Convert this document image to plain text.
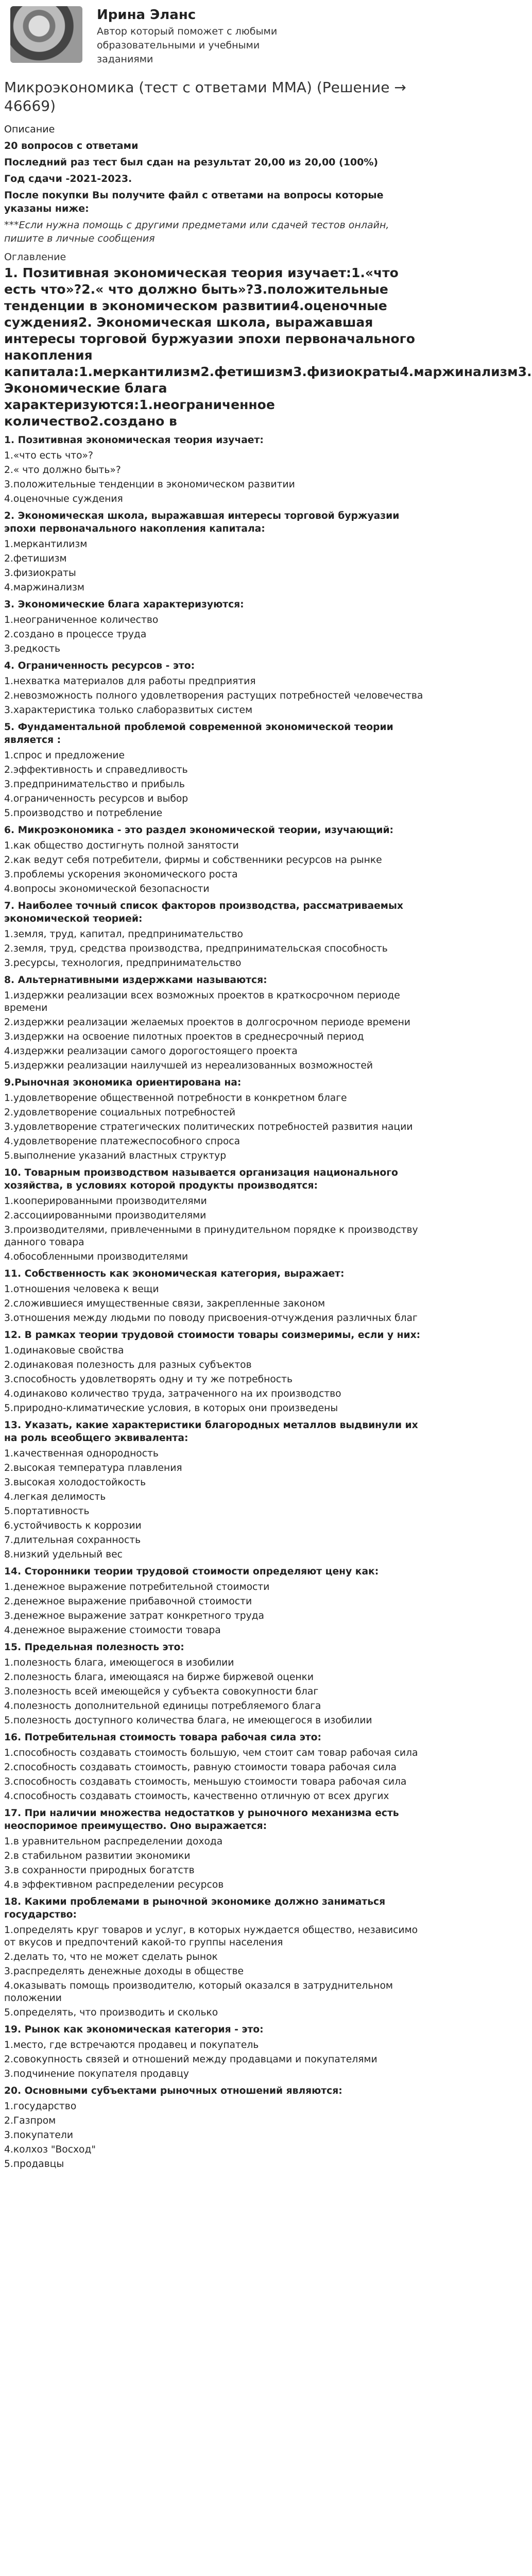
Ирина Эланс
Автор который поможет с любыми образовательными и учебными заданиями
Микроэкономика (тест с ответами ММА) (Решение → 46669)
Описание
20 вопросов с ответами
Последний раз тест был сдан на результат 20,00 из 20,00 (100%)
Год сдачи -2021-2023.
После покупки Вы получите файл с ответами на вопросы которые указаны ниже:
***Если нужна помощь с другими предметами или сдачей тестов онлайн, пишите в личные сообщения
Оглавление
1. Позитивная экономическая теория изучает:1.«что есть что»?2.« что должно быть»?3.положительные тенденции в экономическом развитии4.оценочные суждения2. Экономическая школа, выражавшая интересы торговой буржуазии эпохи первоначального накопления капитала:1.меркантилизм2.фетишизм3.физиократы4.маржинализм3. Экономические блага характеризуются:1.неограниченное количество2.создано в
1. Позитивная экономическая теория изучает:
1.«что есть что»?
2.« что должно быть»?
3.положительные тенденции в экономическом развитии
4.оценочные суждения
2. Экономическая школа, выражавшая интересы торговой буржуазии эпохи первоначального накопления капитала:
1.меркантилизм
2.фетишизм
3.физиократы
4.маржинализм
3. Экономические блага характеризуются:
1.неограниченное количество
2.создано в процессе труда
3.редкость
4. Ограниченность ресурсов - это:
1.нехватка материалов для работы предприятия
2.невозможность полного удовлетворения растущих потребностей человечества
3.характеристика только слаборазвитых систем
5. Фундаментальной проблемой современной экономической теории является :
1.спрос и предложение
2.эффективность и справедливость
3.предпринимательство и прибыль
4.ограниченность ресурсов и выбор
5.производство и потребление
6. Микроэкономика - это раздел экономической теории, изучающий:
1.как общество достигнуть полной занятости
2.как ведут себя потребители, фирмы и собственники ресурсов на рынке
3.проблемы ускорения экономического роста
4.вопросы экономической безопасности
7. Наиболее точный список факторов производства, рассматриваемых экономической теорией:
1.земля, труд, капитал, предпринимательство
2.земля, труд, средства производства, предпринимательская способность
3.ресурсы, технология, предпринимательство
8. Альтернативными издержками называются:
1.издержки реализации всех возможных проектов в краткосрочном периоде времени
2.издержки реализации желаемых проектов в долгосрочном периоде времени
3.издержки на освоение пилотных проектов в среднесрочный период
4.издержки реализации самого дорогостоящего проекта
5.издержки реализации наилучшей из нереализованных возможностей
9.Рыночная экономика ориентирована на:
1.удовлетворение общественной потребности в конкретном благе
2.удовлетворение социальных потребностей
3.удовлетворение стратегических политических потребностей развития нации
4.удовлетворение платежеспособного спроса
5.выполнение указаний властных структур
10. Товарным производством называется организация национального хозяйства, в условиях которой продукты производятся:
1.кооперированными производителями
2.ассоциированными производителями
3.производителями, привлеченными в принудительном порядке к производству данного товара
4.обособленными производителями
11. Собственность как экономическая категория, выражает:
1.отношения человека к вещи
2.сложившиеся имущественные связи, закрепленные законом
3.отношения между людьми по поводу присвоения-отчуждения различных благ
12. В рамках теории трудовой стоимости товары соизмеримы, если у них:
1.одинаковые свойства
2.одинаковая полезность для разных субъектов
3.способность удовлетворять одну и ту же потребность
4.одинаково количество труда, затраченного на их производство
5.природно-климатические условия, в которых они произведены
13. Указать, какие характеристики благородных металлов выдвинули их на роль всеобщего эквивалента:
1.качественная однородность
2.высокая температура плавления
3.высокая холодостойкость
4.легкая делимость
5.портативность
6.устойчивость к коррозии
7.длительная сохранность
8.низкий удельный вес
14. Сторонники теории трудовой стоимости определяют цену как:
1.денежное выражение потребительной стоимости
2.денежное выражение прибавочной стоимости
3.денежное выражение затрат конкретного труда
4.денежное выражение стоимости товара
15. Предельная полезность это:
1.полезность блага, имеющегося в изобилии
2.полезность блага, имеющаяся на бирже биржевой оценки
3.полезность всей имеющейся у субъекта совокупности благ
4.полезность дополнительной единицы потребляемого блага
5.полезность доступного количества блага, не имеющегося в изобилии
16. Потребительная стоимость товара рабочая сила это:
1.способность создавать стоимость большую, чем стоит сам товар рабочая сила
2.способность создавать стоимость, равную стоимости товара рабочая сила
3.способность создавать стоимость, меньшую стоимости товара рабочая сила
4.способность создавать стоимость, качественно отличную от всех других
17. При наличии множества недостатков у рыночного механизма есть неоспоримое преимущество. Оно выражается:
1.в уравнительном распределении дохода
2.в стабильном развитии экономики
3.в сохранности природных богатств
4.в эффективном распределении ресурсов
18. Какими проблемами в рыночной экономике должно заниматься государство:
1.определять круг товаров и услуг, в которых нуждается общество, независимо от вкусов и предпочтений какой-то группы населения
2.делать то, что не может сделать рынок
3.распределять денежные доходы в обществе
4.оказывать помощь производителю, который оказался в затруднительном положении
5.определять, что производить и сколько
19. Рынок как экономическая категория - это:
1.место, где встречаются продавец и покупатель
2.совокупность связей и отношений между продавцами и покупателями
3.подчинение покупателя продавцу
20. Основными субъектами рыночных отношений являются:
1.государство
2.Газпром
3.покупатели
4.колхоз "Восход"
5.продавцы
